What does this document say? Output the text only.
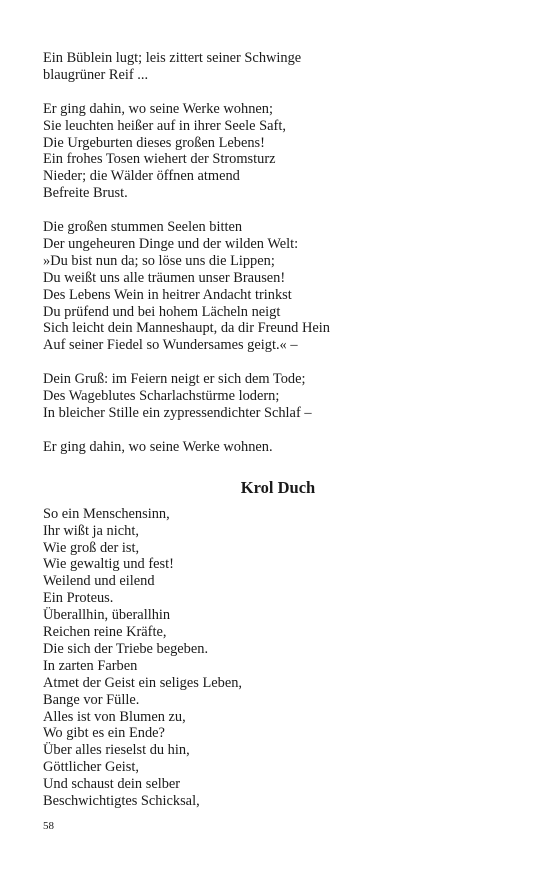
Ein Büblein lugt; leis zittert seiner Schwinge
blaugrüner Reif ...
Er ging dahin, wo seine Werke wohnen;
Sie leuchten heißer auf in ihrer Seele Saft,
Die Urgeburten dieses großen Lebens!
Ein frohes Tosen wiehert der Stromsturz
Nieder; die Wälder öffnen atmend
Befreite Brust.
Die großen stummen Seelen bitten
Der ungeheuren Dinge und der wilden Welt:
»Du bist nun da; so löse uns die Lippen;
Du weißt uns alle träumen unser Brausen!
Des Lebens Wein in heitrer Andacht trinkst
Du prüfend und bei hohem Lächeln neigt
Sich leicht dein Manneshaupt, da dir Freund Hein
Auf seiner Fiedel so Wundersames geigt.« –
Dein Gruß: im Feiern neigt er sich dem Tode;
Des Wageblutes Scharlachstürme lodern;
In bleicher Stille ein zypressendichter Schlaf –
Er ging dahin, wo seine Werke wohnen.
Krol Duch
So ein Menschensinn,
Ihr wißt ja nicht,
Wie groß der ist,
Wie gewaltig und fest!
Weilend und eilend
Ein Proteus.
Überallhin, überallhin
Reichen reine Kräfte,
Die sich der Triebe begeben.
In zarten Farben
Atmet der Geist ein seliges Leben,
Bange vor Fülle.
Alles ist von Blumen zu,
Wo gibt es ein Ende?
Über alles rieselst du hin,
Göttlicher Geist,
Und schaust dein selber
Beschwichtigtes Schicksal,
58
